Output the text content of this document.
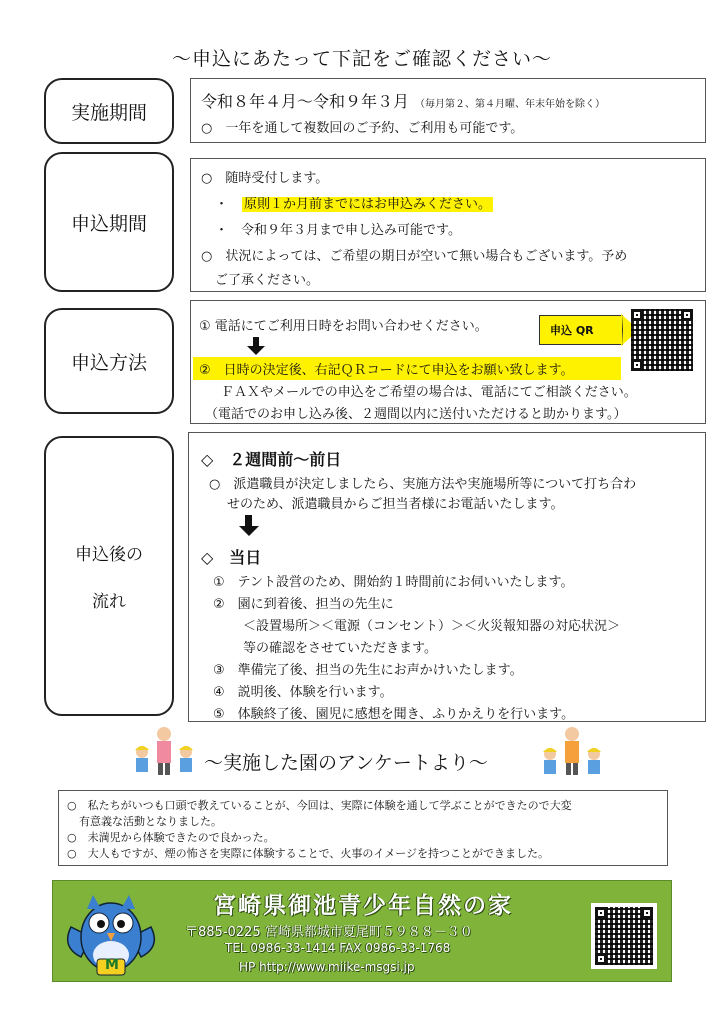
～申込にあたって下記をご確認ください～
実施期間	令和８年４月～令和９年３月 （毎月第２、第４月曜、年末年始を除く）
○　一年を通して複数回のご予約、ご利用も可能です。
申込期間
○　随時受付します。
・ 原則１か月前までにはお申込みください。
・　令和９年３月まで申し込み可能です。
○　状況によっては、ご希望の期日が空いて無い場合もございます。予め
ご了承ください。
申込方法
① 電話にてご利用日時をお問い合わせください。	申込 QR
②　日時の決定後、右記ＱＲコードにて申込をお願い致します。
ＦＡＸやメールでの申込をご希望の場合は、電話にてご相談ください。
（電話でのお申し込み後、２週間以内に送付いただけると助かります。）
申込後の
流れ
◇　２週間前～前日
○　派遣職員が決定しましたら、実施方法や実施場所等について打ち合わ
せのため、派遣職員からご担当者様にお電話いたします。
◇　当日
①　テント設営のため、開始約１時間前にお伺いいたします。
②　園に到着後、担当の先生に
＜設置場所＞＜電源（コンセント）＞＜火災報知器の対応状況＞
等の確認をさせていただきます。
③　準備完了後、担当の先生にお声かけいたします。
④　説明後、体験を行います。
⑤　体験終了後、園児に感想を聞き、ふりかえりを行います。
～実施した園のアンケートより～
○　私たちがいつも口頭で教えていることが、今回は、実際に体験を通して学ぶことができたので大変
有意義な活動となりました。
○　未満児から体験できたので良かった。
○　大人もですが、煙の怖さを実際に体験することで、火事のイメージを持つことができました。
M
宮崎県御池青少年自然の家
〒885-0225 宮崎県都城市夏尾町５９８８－３０
TEL 0986-33-1414 FAX 0986-33-1768
HP http://www.miike-msgsi.jp
